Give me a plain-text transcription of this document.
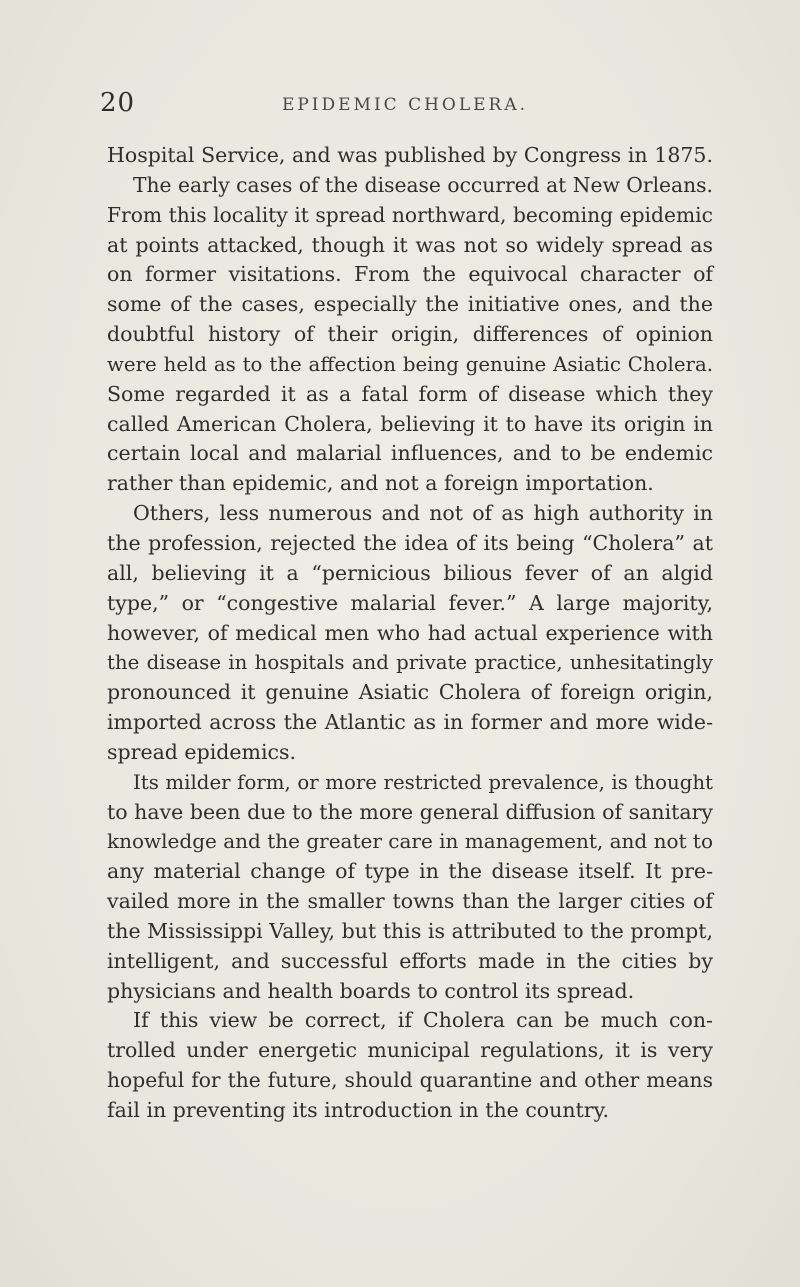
20	EPIDEMIC CHOLERA.
Hospital Service, and was published by Congress in 1875.
The early cases of the disease occurred at New Orleans.
From this locality it spread northward, becoming epidemic
at points attacked, though it was not so widely spread as
on former visitations. From the equivocal character of
some of the cases, especially the initiative ones, and the
doubtful history of their origin, differences of opinion
were held as to the affection being genuine Asiatic Cholera.
Some regarded it as a fatal form of disease which they
called American Cholera, believing it to have its origin in
certain local and malarial influences, and to be endemic
rather than epidemic, and not a foreign importation.
Others, less numerous and not of as high authority in
the profession, rejected the idea of its being “Cholera” at
all, believing it a “pernicious bilious fever of an algid
type,” or “congestive malarial fever.” A large majority,
however, of medical men who had actual experience with
the disease in hospitals and private practice, unhesitatingly
pronounced it genuine Asiatic Cholera of foreign origin,
imported across the Atlantic as in former and more wide-
spread epidemics.
Its milder form, or more restricted prevalence, is thought
to have been due to the more general diffusion of sanitary
knowledge and the greater care in management, and not to
any material change of type in the disease itself. It pre-
vailed more in the smaller towns than the larger cities of
the Mississippi Valley, but this is attributed to the prompt,
intelligent, and successful efforts made in the cities by
physicians and health boards to control its spread.
If this view be correct, if Cholera can be much con-
trolled under energetic municipal regulations, it is very
hopeful for the future, should quarantine and other means
fail in preventing its introduction in the country.
